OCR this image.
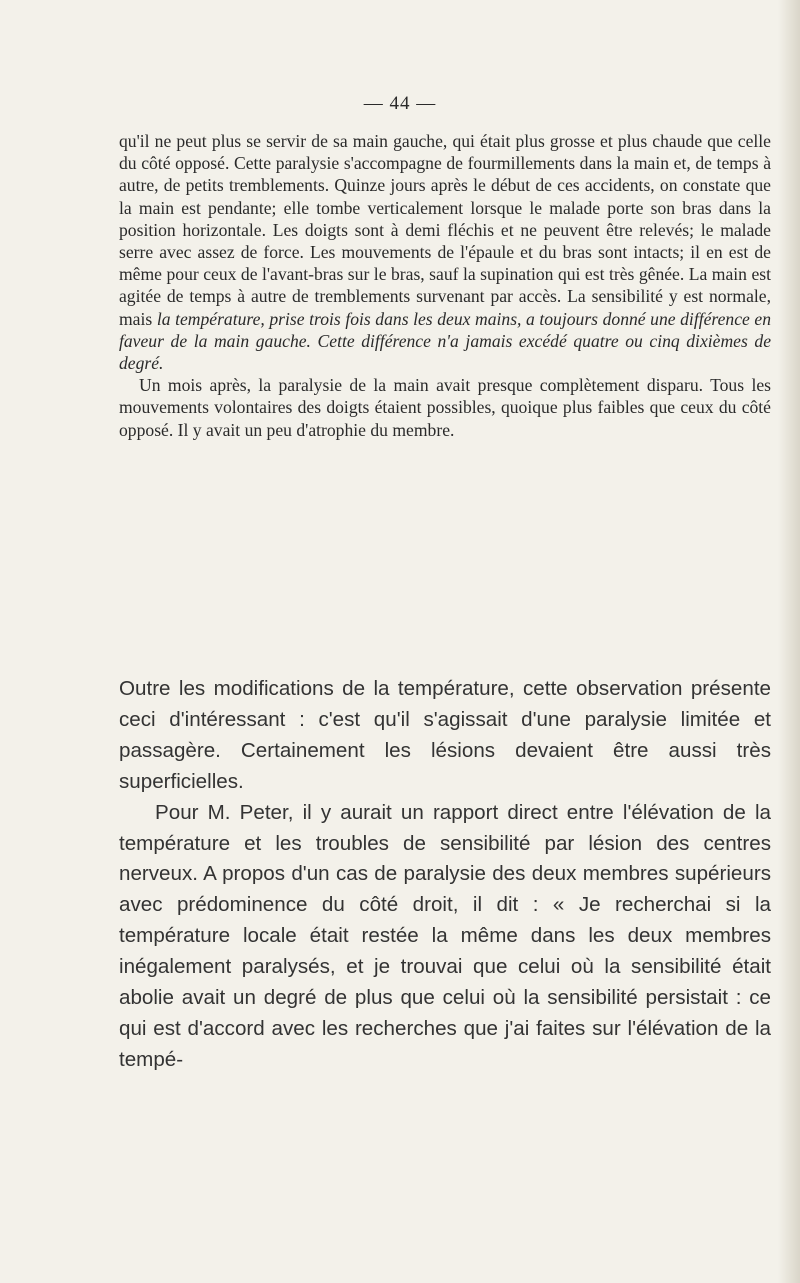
— 44 —

qu'il ne peut plus se servir de sa main gauche, qui était plus grosse et plus chaude que celle du côté opposé. Cette paralysie s'accompagne de fourmillements dans la main et, de temps à autre, de petits tremblements. Quinze jours après le début de ces accidents, on constate que la main est pendante; elle tombe verticalement lorsque le malade porte son bras dans la position horizontale. Les doigts sont à demi fléchis et ne peuvent être relevés; le malade serre avec assez de force. Les mouvements de l'épaule et du bras sont intacts; il en est de même pour ceux de l'avant-bras sur le bras, sauf la supination qui est très gênée. La main est agitée de temps à autre de tremblements survenant par accès. La sensibilité y est normale, mais la température, prise trois fois dans les deux mains, a toujours donné une différence en faveur de la main gauche. Cette différence n'a jamais excédé quatre ou cinq dixièmes de degré.

Un mois après, la paralysie de la main avait presque complètement disparu. Tous les mouvements volontaires des doigts étaient possibles, quoique plus faibles que ceux du côté opposé. Il y avait un peu d'atrophie du membre.

Outre les modifications de la température, cette observation présente ceci d'intéressant : c'est qu'il s'agissait d'une paralysie limitée et passagère. Certainement les lésions devaient être aussi très superficielles.

Pour M. Peter, il y aurait un rapport direct entre l'élévation de la température et les troubles de sensibilité par lésion des centres nerveux. A propos d'un cas de paralysie des deux membres supérieurs avec prédominence du côté droit, il dit : « Je recherchai si la température locale était restée la même dans les deux membres inégalement paralysés, et je trouvai que celui où la sensibilité était abolie avait un degré de plus que celui où la sensibilité persistait : ce qui est d'accord avec les recherches que j'ai faites sur l'élévation de la tempé-
